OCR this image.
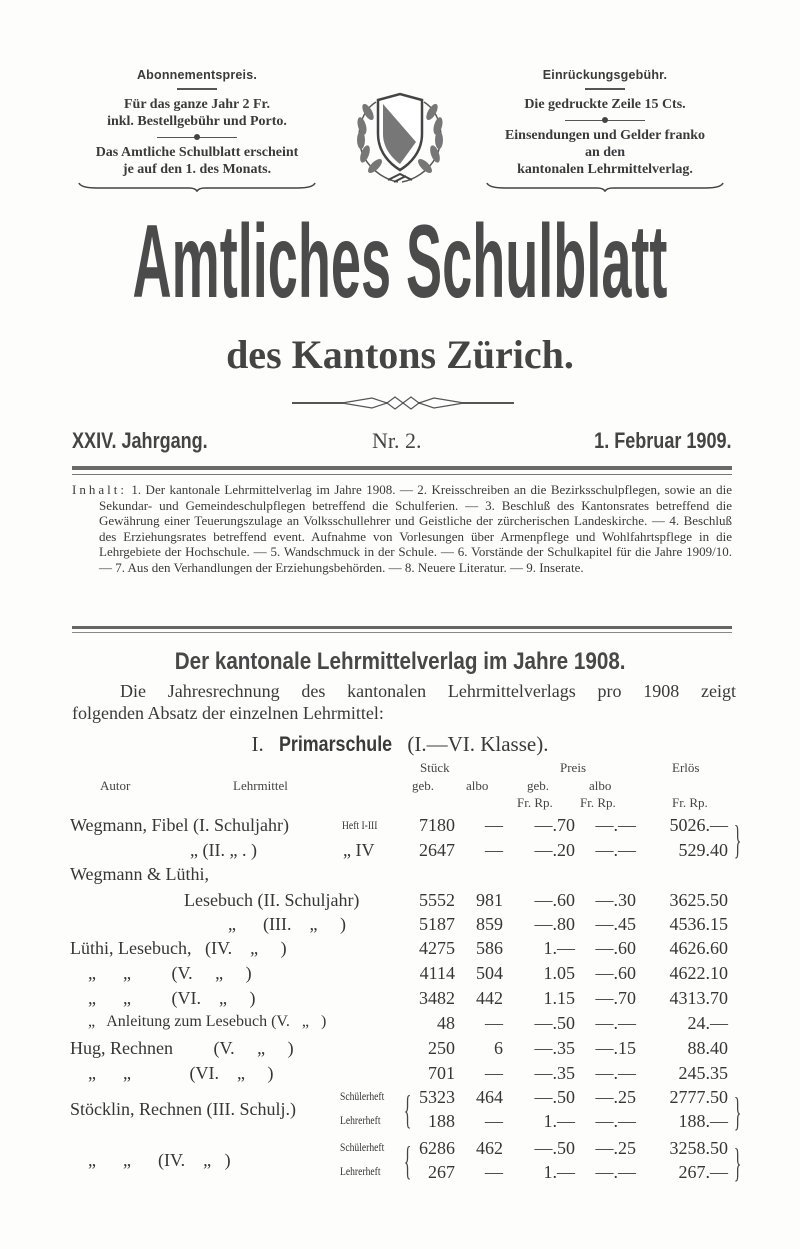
Abonnementspreis.
Für das ganze Jahr 2 Fr.
inkl. Bestellgebühr und Porto.
Das Amtliche Schulblatt erscheint
je auf den 1. des Monats.
Einrückungsgebühr.
Die gedruckte Zeile 15 Cts.
Einsendungen und Gelder franko
an den
kantonalen Lehrmittelverlag.
Amtliches Schulblatt
des Kantons Zürich.
XXIV. Jahrgang.	Nr. 2.	1. Februar 1909.

Inhalt: 1. Der kantonale Lehrmittelverlag im Jahre 1908. — 2. Kreisschreiben an die Bezirksschulpflegen, sowie an die Sekundar- und Gemeindeschulpflegen betreffend die Schulferien. — 3. Beschluß des Kantonsrates betreffend die Gewährung einer Teuerungszulage an Volksschullehrer und Geistliche der zürcherischen Landeskirche. — 4. Beschluß des Erziehungsrates betreffend event. Aufnahme von Vorlesungen über Armenpflege und Wohlfahrtspflege in die Lehrgebiete der Hochschule. — 5. Wandschmuck in der Schule. — 6. Vorstände der Schulkapitel für die Jahre 1909/10. — 7. Aus den Verhandlungen der Erziehungsbehörden. — 8. Neuere Literatur. — 9. Inserate.

Der kantonale Lehrmittelverlag im Jahre 1908.
Die Jahresrechnung des kantonalen Lehrmittelverlags pro 1908 zeigt
folgenden Absatz der einzelnen Lehrmittel:
I. Primarschule (I.—VI. Klasse).
Stück	Preis	Erlös
Autor	Lehrmittel	geb. albo	geb.	albo
Fr. Rp. Fr. Rp.	Fr. Rp.
Wegmann, Fibel (I. Schuljahr)	Heft I-III	7180	—	—.70	—.—	5026.—
„ (II. „ . )	„ IV	2647	—	—.20	—.—	529.40 }
Wegmann & Lüthi,
Lesebuch (II. Schuljahr)	5552	981	—.60	—.30	3625.50
„      (III.    „     )	5187	859	—.80	—.45	4536.15
Lüthi, Lesebuch,   (IV.    „     )	4275	586	1.—	—.60	4626.60
„      „         (V.     „     )	4114	504	1.05	—.60	4622.10
„      „         (VI.    „     )	3482	442	1.15	—.70	4313.70
„   Anleitung zum Lesebuch (V.   „   )	48	—	—.50	—.—	24.—
Hug, Rechnen         (V.     „     )	250	6	—.35	—.15	88.40
„      „             (VI.    „     )	701	—	—.35	—.—	245.35
Stöcklin, Rechnen (III. Schulj.)
Schülerheft	5323	464	—.50	—.25	2777.50
Lehrerheft	188	—	1.—	—.—	188.—
{	}
„      „      (IV.    „   )
Schülerheft	6286	462	—.50	—.25	3258.50
Lehrerheft	267	—	1.—	—.—	267.—
{	}
